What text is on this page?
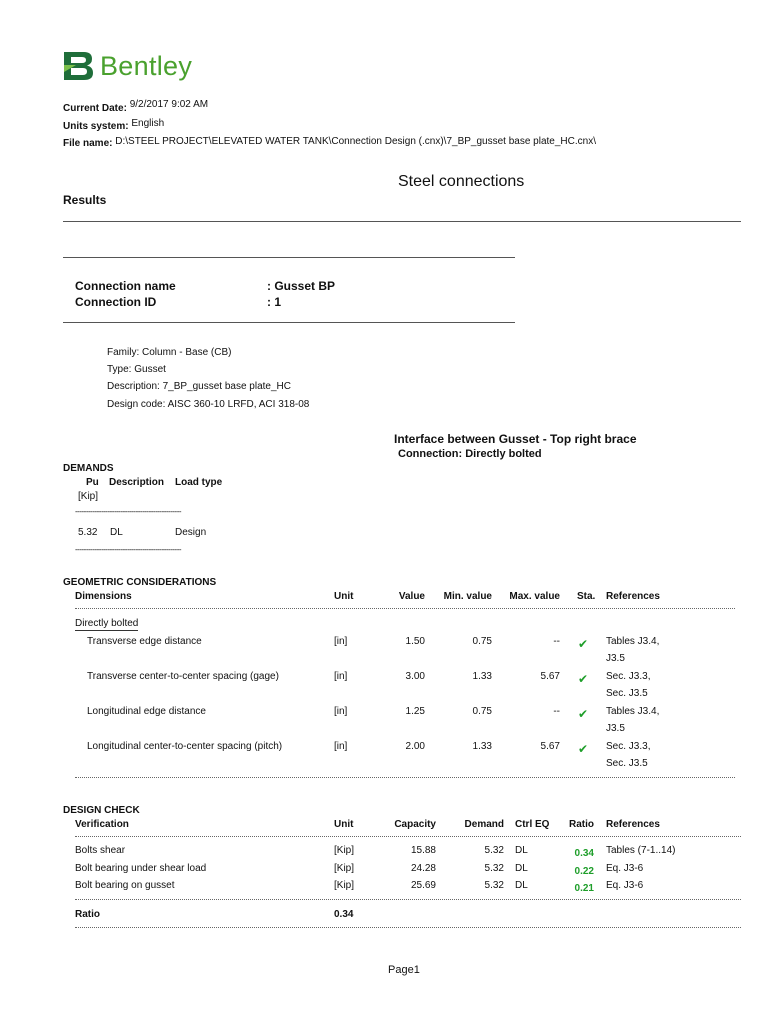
Bentley
Current Date: 9/2/2017 9:02 AM
Units system: English
File name: D:\STEEL PROJECT\ELEVATED WATER TANK\Connection Design (.cnx)\7_BP_gusset base plate_HC.cnx\
Steel connections
Results
Connection name	: Gusset BP
Connection ID	: 1
Family: Column - Base (CB)
Type: Gusset
Description: 7_BP_gusset base plate_HC
Design code: AISC 360-10 LRFD, ACI 318-08
Interface between Gusset - Top right brace
Connection: Directly bolted
DEMANDS
Pu Description Load type
[Kip]
-------------------------------------------------
5.32 DL	Design
-------------------------------------------------
GEOMETRIC CONSIDERATIONS
Dimensions	Unit	Value	Min. value	Max. value Sta. References
Directly bolted
Transverse edge distance	[in]	1.50	0.75	-- ✔ Tables J3.4,
J3.5
Transverse center-to-center spacing (gage)	[in]	3.00	1.33	5.67 ✔ Sec. J3.3,
Sec. J3.5
Longitudinal edge distance	[in]	1.25	0.75	-- ✔ Tables J3.4,
J3.5
Longitudinal center-to-center spacing (pitch)	[in]	2.00	1.33	5.67 ✔ Sec. J3.3,
Sec. J3.5
DESIGN CHECK
Verification	Unit	Capacity	Demand Ctrl EQ	Ratio References
Bolts shear	[Kip]	15.88	5.32 DL	0.34 Tables (7-1..14)
Bolt bearing under shear load	[Kip]	24.28	5.32 DL	0.22 Eq. J3-6
Bolt bearing on gusset	[Kip]	25.69	5.32 DL	0.21 Eq. J3-6
Ratio	0.34
Page1
